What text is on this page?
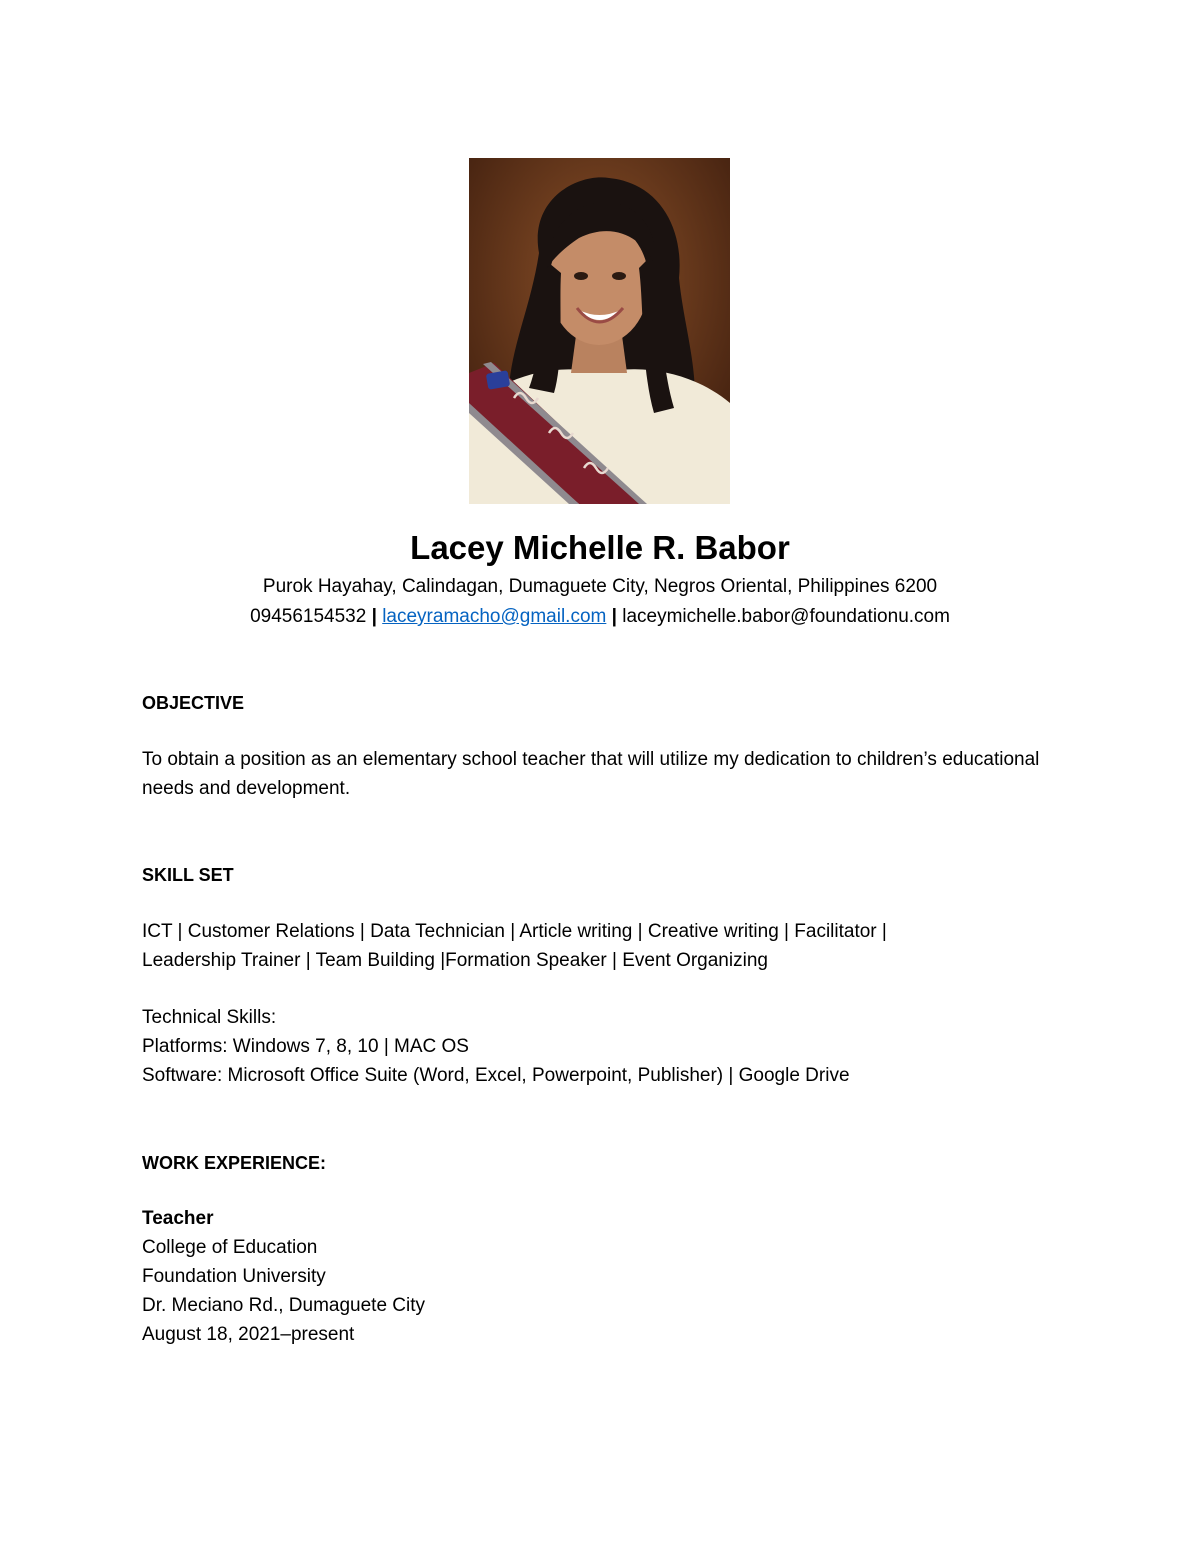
Lacey Michelle R. Babor
Purok Hayahay, Calindagan, Dumaguete City, Negros Oriental, Philippines 6200
09456154532 | laceyramacho@gmail.com | laceymichelle.babor@foundationu.com
OBJECTIVE
To obtain a position as an elementary school teacher that will utilize my dedication to children’s educational needs and development.
SKILL SET
ICT | Customer Relations | Data Technician | Article writing | Creative writing | Facilitator |
Leadership Trainer | Team Building |Formation Speaker | Event Organizing
Technical Skills:
Platforms: Windows 7, 8, 10 | MAC OS
Software: Microsoft Office Suite (Word, Excel, Powerpoint, Publisher) | Google Drive
WORK EXPERIENCE:
Teacher
College of Education
Foundation University
Dr. Meciano Rd., Dumaguete City
August 18, 2021–present
